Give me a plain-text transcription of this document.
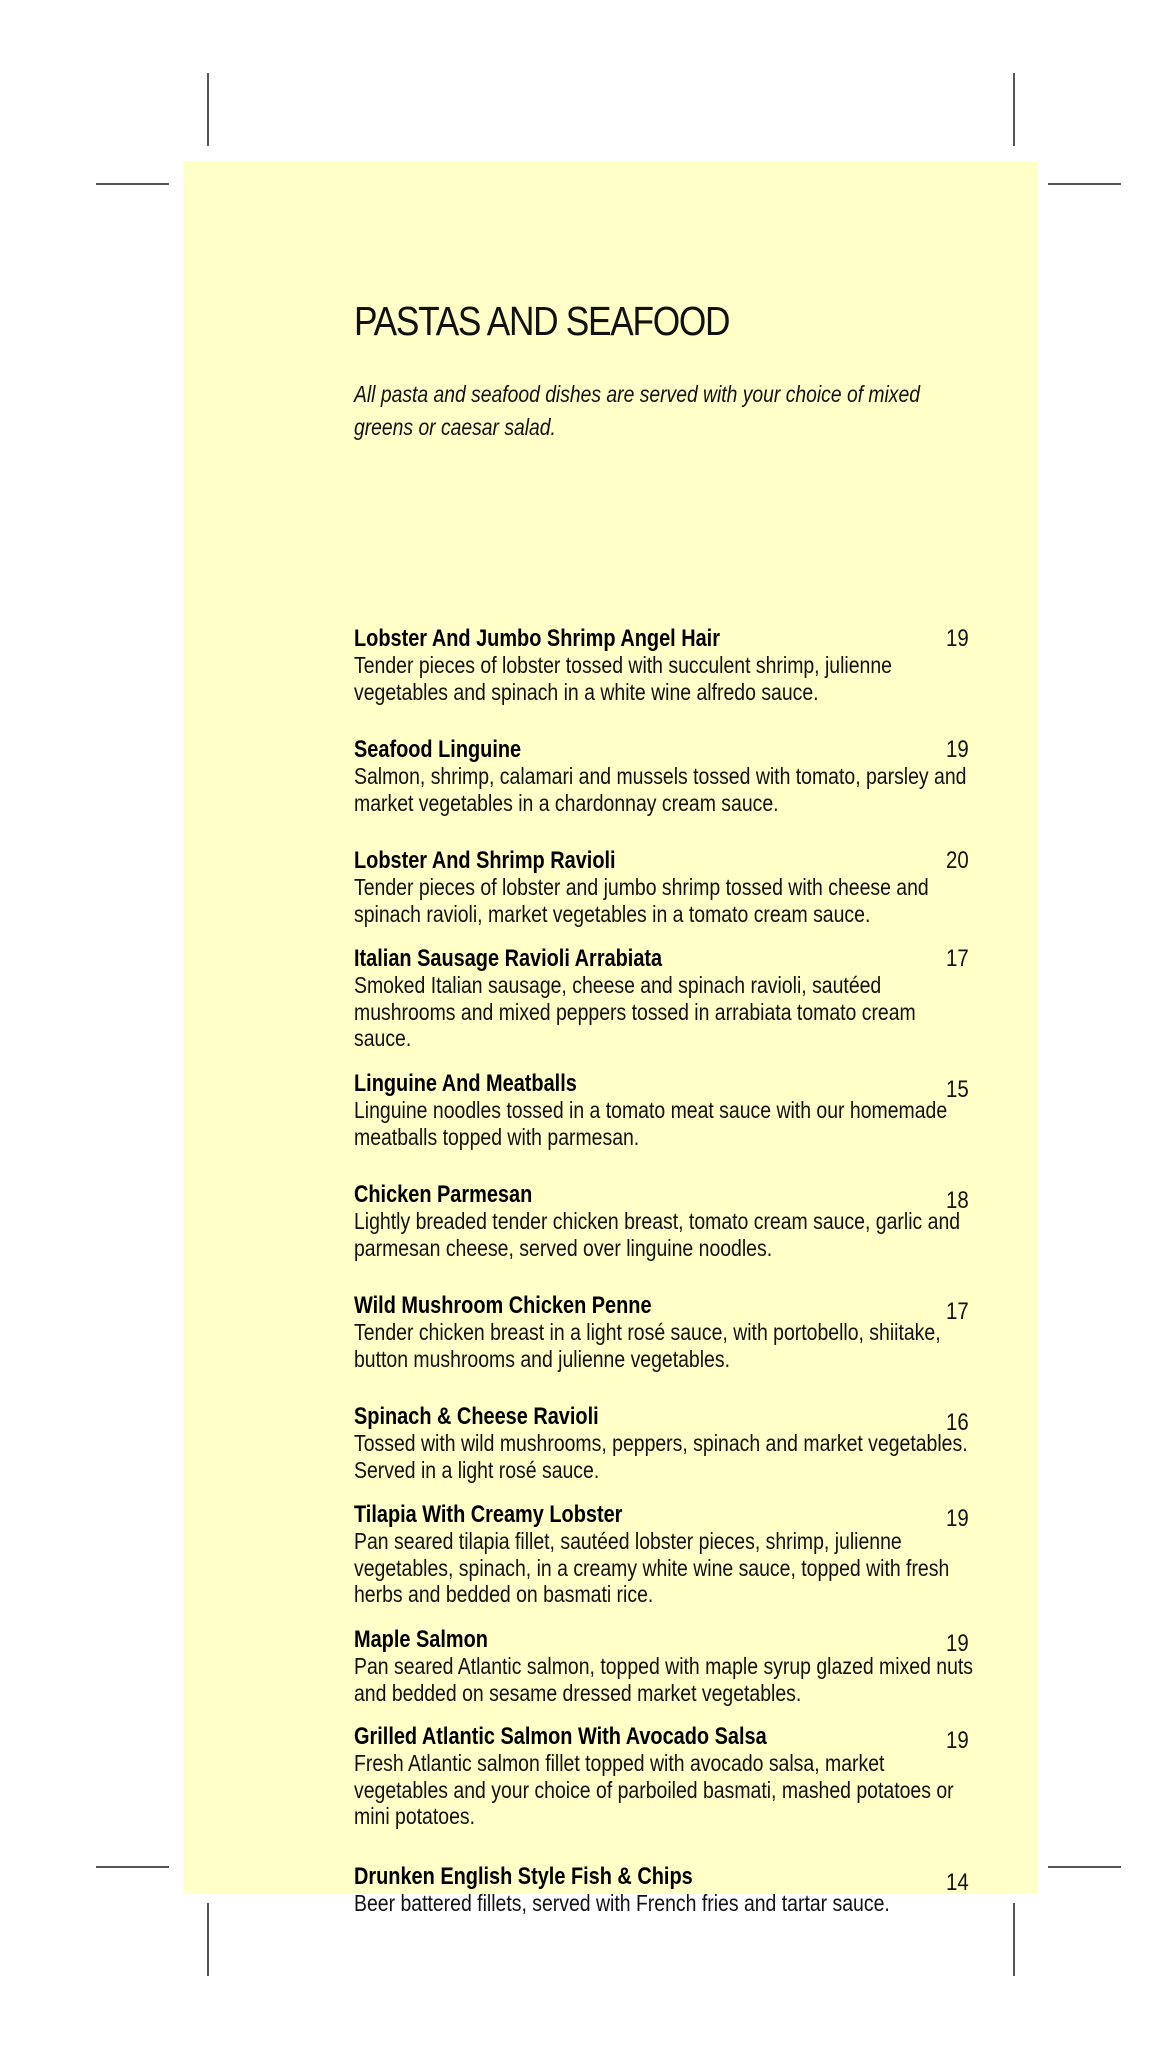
PASTAS AND SEAFOOD
All pasta and seafood dishes are served with your choice of mixed greens or caesar salad.
Lobster And Jumbo Shrimp Angel Hair
Tender pieces of lobster tossed with succulent shrimp, julienne vegetables and spinach in a white wine alfredo sauce.
19
Seafood Linguine
Salmon, shrimp, calamari and mussels tossed with tomato, parsley and market vegetables in a chardonnay cream sauce.
19
Lobster And Shrimp Ravioli
Tender pieces of lobster and jumbo shrimp tossed with cheese and spinach ravioli, market vegetables in a tomato cream sauce.
20
Italian Sausage Ravioli Arrabiata
Smoked Italian sausage, cheese and spinach ravioli, sautéed mushrooms and mixed peppers tossed in arrabiata tomato cream sauce.
17
Linguine And Meatballs
Linguine noodles tossed in a tomato meat sauce with our homemade meatballs topped with parmesan.
15
Chicken Parmesan
Lightly breaded tender chicken breast, tomato cream sauce, garlic and parmesan cheese, served over linguine noodles.
18
Wild Mushroom Chicken Penne
Tender chicken breast in a light rosé sauce, with portobello, shiitake, button mushrooms and julienne vegetables.
17
Spinach & Cheese Ravioli
Tossed with wild mushrooms, peppers, spinach and market vegetables. Served in a light rosé sauce.
16
Tilapia With Creamy Lobster
Pan seared tilapia fillet, sautéed lobster pieces, shrimp, julienne vegetables, spinach, in a creamy white wine sauce, topped with fresh herbs and bedded on basmati rice.
19
Maple Salmon
Pan seared Atlantic salmon, topped with maple syrup glazed mixed nuts and bedded on sesame dressed market vegetables.
19
Grilled Atlantic Salmon With Avocado Salsa
Fresh Atlantic salmon fillet topped with avocado salsa, market vegetables and your choice of parboiled basmati, mashed potatoes or mini potatoes.
19
Drunken English Style Fish & Chips
Beer battered fillets, served with French fries and tartar sauce.
14
